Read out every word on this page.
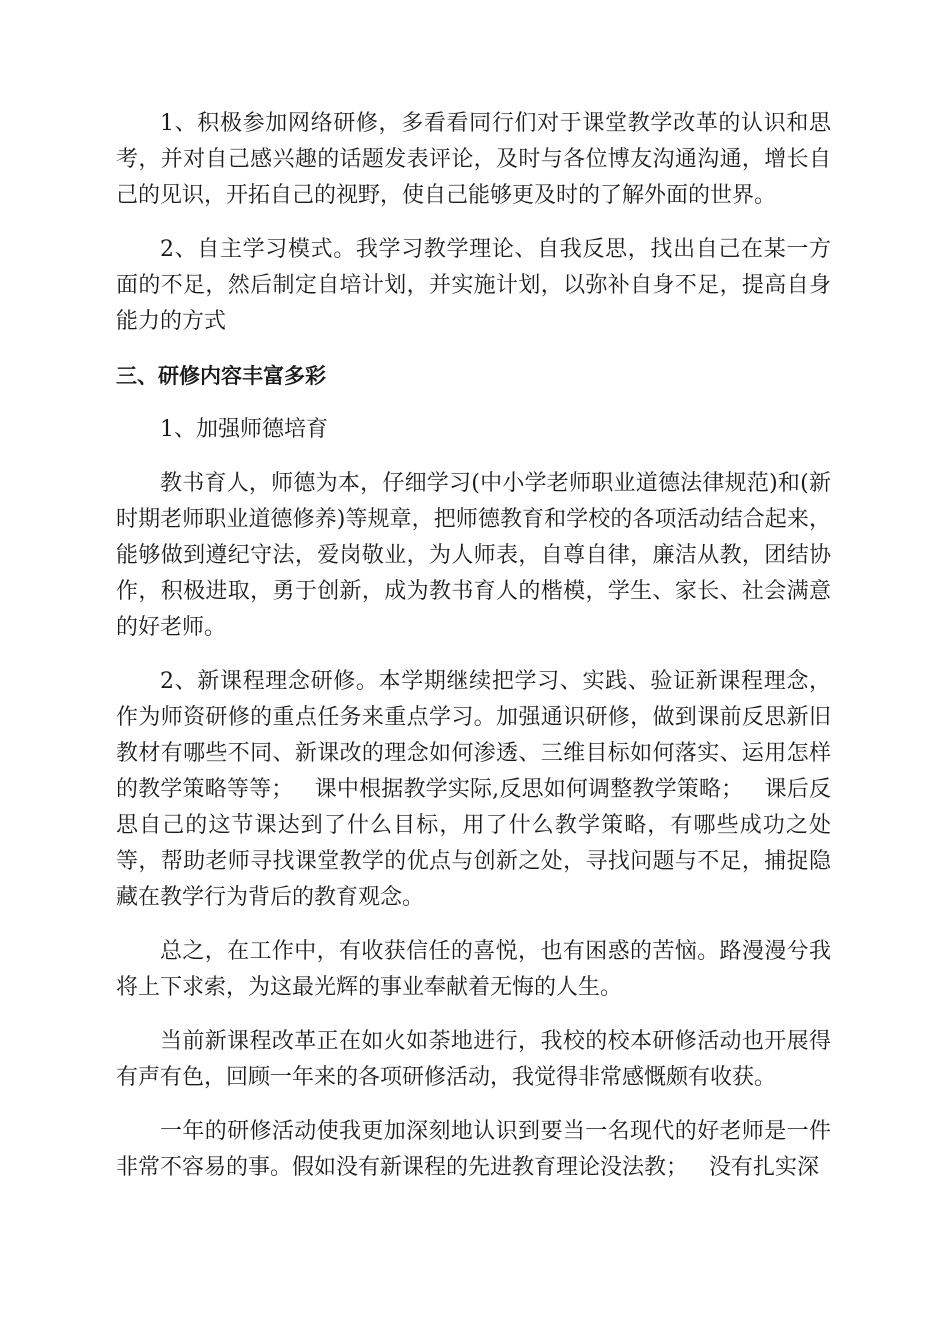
1、积极参加网络研修，多看看同行们对于课堂教学改革的认识和思考，并对自己感兴趣的话题发表评论，及时与各位博友沟通沟通，增长自己的见识，开拓自己的视野，使自己能够更及时的了解外面的世界。

2、自主学习模式。我学习教学理论、自我反思，找出自己在某一方面的不足，然后制定自培计划，并实施计划，以弥补自身不足，提高自身能力的方式

三、研修内容丰富多彩

1、加强师德培育

教书育人，师德为本，仔细学习(中小学老师职业道德法律规范)和(新时期老师职业道德修养)等规章，把师德教育和学校的各项活动结合起来，能够做到遵纪守法，爱岗敬业，为人师表，自尊自律，廉洁从教，团结协作，积极进取，勇于创新，成为教书育人的楷模，学生、家长、社会满意的好老师。

2、新课程理念研修。本学期继续把学习、实践、验证新课程理念，作为师资研修的重点任务来重点学习。加强通识研修，做到课前反思新旧教材有哪些不同、新课改的理念如何渗透、三维目标如何落实、运用怎样的教学策略等等；   课中根据教学实际,反思如何调整教学策略；   课后反思自己的这节课达到了什么目标，用了什么教学策略，有哪些成功之处等，帮助老师寻找课堂教学的优点与创新之处，寻找问题与不足，捕捉隐藏在教学行为背后的教育观念。

总之，在工作中，有收获信任的喜悦，也有困惑的苦恼。路漫漫兮我将上下求索，为这最光辉的事业奉献着无悔的人生。

当前新课程改革正在如火如荼地进行，我校的校本研修活动也开展得有声有色，回顾一年来的各项研修活动，我觉得非常感慨颇有收获。

一年的研修活动使我更加深刻地认识到要当一名现代的好老师是一件非常不容易的事。假如没有新课程的先进教育理论没法教；   没有扎实深
